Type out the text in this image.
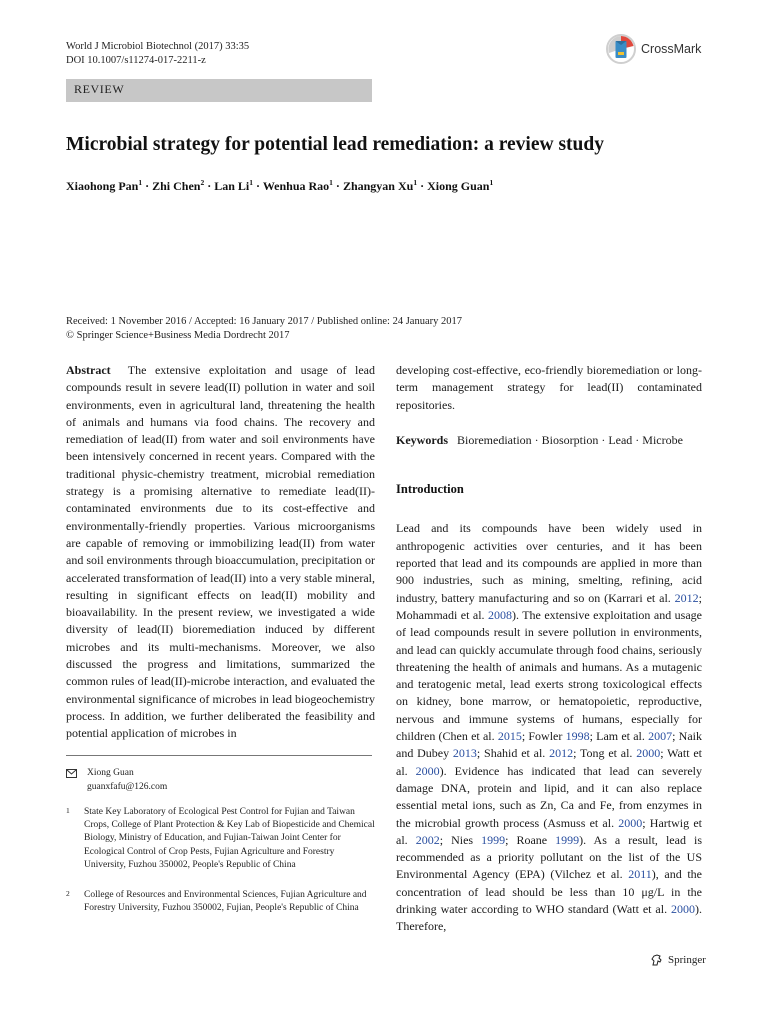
World J Microbiol Biotechnol (2017) 33:35
DOI 10.1007/s11274-017-2211-z
CrossMark
REVIEW
Microbial strategy for potential lead remediation: a review study
Xiaohong Pan$^1$ · Zhi Chen$^2$ · Lan $Li^1$ · Wenhua Rao$^1$ · Zhangyan $Xu^1$ · Xiong Guan$^1$
Received: 1 November 2016 / Accepted: 16 January 2017 / Published online: 24 January 2017
© Springer Science+Business Media Dordrecht 2017
Abstract The extensive exploitation and usage of lead compounds result in severe lead(II) pollution in water and soil environments, even in agricultural land, threatening the health of animals and humans via food chains. The recovery and remediation of lead(II) from water and soil environments have been intensively concerned in recent years. Compared with the traditional physic-chemistry treatment, microbial remediation strategy is a promising alternative to remediate lead(II)-contaminated environments due to its cost-effective and environmentally-friendly properties. Various microorganisms are capable of removing or immobilizing lead(II) from water and soil environments through bioaccumulation, precipitation or accelerated transformation of lead(II) into a very stable mineral, resulting in significant effects on lead(II) mobility and bioavailability. In the present review, we investigated a wide diversity of lead(II) bioremediation induced by different microbes and its multi-mechanisms. Moreover, we also discussed the progress and limitations, summarized the common rules of lead(II)-microbe interaction, and evaluated the environmental significance of microbes in lead biogeochemistry process. In addition, we further deliberated the feasibility and potential application of microbes in
developing cost-effective, eco-friendly bioremediation or long-term management strategy for lead(II) contaminated repositories.
Keywords Bioremediation · Biosorption · Lead · Microbe
Introduction
Lead and its compounds have been widely used in anthropogenic activities over centuries, and it has been reported that lead and its compounds are applied in more than 900 industries, such as mining, smelting, refining, acid industry, battery manufacturing and so on (Karrari et al. 2012; Mohammadi et al. 2008). The extensive exploitation and usage of lead compounds result in severe pollution in environments, and lead can quickly accumulate through food chains, seriously threatening the health of animals and humans. As a mutagenic and teratogenic metal, lead exerts strong toxicological effects on kidney, bone marrow, or hematopoietic, reproductive, nervous and immune systems of humans, especially for children (Chen et al. 2015; Fowler 1998; Lam et al. 2007; Naik and Dubey 2013; Shahid et al. 2012; Tong et al. 2000; Watt et al. 2000). Evidence has indicated that lead can severely damage DNA, protein and lipid, and it can also replace essential metal ions, such as Zn, Ca and Fe, from enzymes in the microbial growth process (Asmuss et al. 2000; Hartwig et al. 2002; Nies 1999; Roane 1999). As a result, lead is recommended as a priority pollutant on the list of the US Environmental Agency (EPA) (Vilchez et al. 2011), and the concentration of lead should be less than 10 μg/L in the drinking water according to WHO standard (Watt et al. 2000). Therefore,
Xiong Guan
guanxfafu@126.com
1	State Key Laboratory of Ecological Pest Control for Fujian and Taiwan Crops, College of Plant Protection & Key Lab of Biopesticide and Chemical Biology, Ministry of Education, and Fujian-Taiwan Joint Center for Ecological Control of Crop Pests, Fujian Agriculture and Forestry University, Fuzhou 350002, People's Republic of China
2	College of Resources and Environmental Sciences, Fujian Agriculture and Forestry University, Fuzhou 350002, Fujian, People's Republic of China
Springer
